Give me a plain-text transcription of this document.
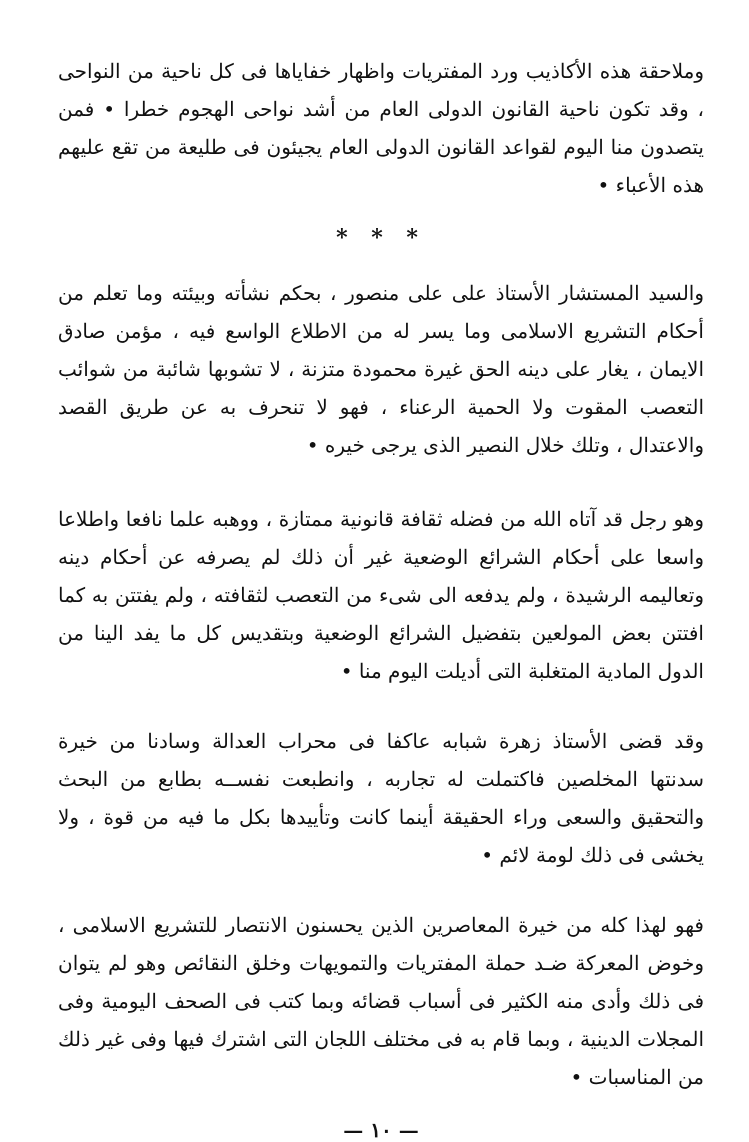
وملاحقة هذه الأكاذيب ورد المفتريات واظهار خفاياها فى كل ناحية من النواحى ، وقد تكون ناحية القانون الدولى العام من أشد نواحى الهجوم خطرا • فمن يتصدون منا اليوم لقواعد القانون الدولى العام يجيئون فى طليعة من تقع عليهم هذه الأعباء •

* * *

والسيد المستشار الأستاذ على على منصور ، بحكم نشأته وبيئته وما تعلم من أحكام التشريع الاسلامى وما يسر له من الاطلاع الواسع فيه ، مؤمن صادق الايمان ، يغار على دينه الحق غيرة محمودة متزنة ، لا تشوبها شائبة من شوائب التعصب المقوت ولا الحمية الرعناء ، فهو لا تنحرف به عن طريق القصد والاعتدال ، وتلك خلال النصير الذى يرجى خيره •

وهو رجل قد آتاه الله من فضله ثقافة قانونية ممتازة ، ووهبه علما نافعا واطلاعا واسعا على أحكام الشرائع الوضعية غير أن ذلك لم يصرفه عن أحكام دينه وتعاليمه الرشيدة ، ولم يدفعه الى شىء من التعصب لثقافته ، ولم يفتتن به كما افتتن بعض المولعين بتفضيل الشرائع الوضعية وبتقديس كل ما يفد الينا من الدول المادية المتغلبة التى أديلت اليوم منا •

وقد قضى الأستاذ زهرة شبابه عاكفا فى محراب العدالة وسادنا من خيرة سدنتها المخلصين فاكتملت له تجاربه ، وانطبعت نفســه بطابع من البحث والتحقيق والسعى وراء الحقيقة أينما كانت وتأييدها بكل ما فيه من قوة ، ولا يخشى فى ذلك لومة لائم •

فهو لهذا كله من خيرة المعاصرين الذين يحسنون الانتصار للتشريع الاسلامى ، وخوض المعركة ضـد حملة المفتريات والتمويهات وخلق النقائص وهو لم يتوان فى ذلك وأدى منه الكثير فى أسباب قضائه وبما كتب فى الصحف اليومية وفى المجلات الدينية ، وبما قام به فى مختلف اللجان التى اشترك فيها وفى غير ذلك من المناسبات •

— ١٠ —
